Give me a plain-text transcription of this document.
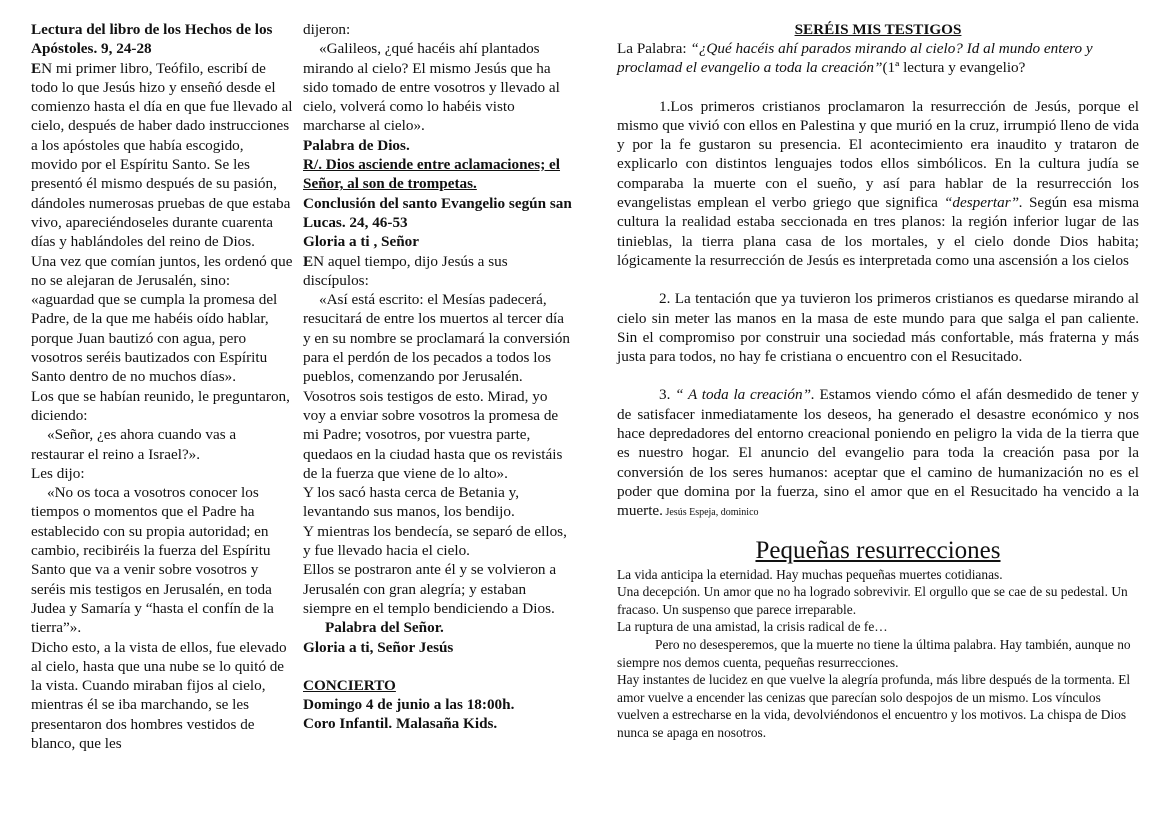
Lectura del libro de los Hechos de los Apóstoles. 9, 24-28

EN mi primer libro, Teófilo, escribí de todo lo que Jesús hizo y enseñó desde el comienzo hasta el día en que fue llevado al cielo, después de haber dado instrucciones a los apóstoles que había escogido, movido por el Espíritu Santo. Se les presentó él mismo después de su pasión, dándoles numerosas pruebas de que estaba vivo, apareciéndoseles durante cuarenta días y hablándoles del reino de Dios.

Una vez que comían juntos, les ordenó que no se alejaran de Jerusalén, sino: «aguardad que se cumpla la promesa del Padre, de la que me habéis oído hablar, porque Juan bautizó con agua, pero vosotros seréis bautizados con Espíritu Santo dentro de no muchos días».

Los que se habían reunido, le preguntaron, diciendo:

«Señor, ¿es ahora cuando vas a restaurar el reino a Israel?».

Les dijo:

«No os toca a vosotros conocer los tiempos o momentos que el Padre ha establecido con su propia autoridad; en cambio, recibiréis la fuerza del Espíritu Santo que va a venir sobre vosotros y seréis mis testigos en Jerusalén, en toda Judea y Samaría y “hasta el confín de la tierra”».

Dicho esto, a la vista de ellos, fue elevado al cielo, hasta que una nube se lo quitó de la vista. Cuando miraban fijos al cielo, mientras él se iba marchando, se les presentaron dos hombres vestidos de blanco, que les

dijeron:

«Galileos, ¿qué hacéis ahí plantados mirando al cielo? El mismo Jesús que ha sido tomado de entre vosotros y llevado al cielo, volverá como lo habéis visto marcharse al cielo».

Palabra de Dios.

R/. Dios asciende entre aclamaciones; el Señor, al son de trompetas.

Conclusión del santo Evangelio según san Lucas. 24, 46-53

Gloria a ti , Señor

EN aquel tiempo, dijo Jesús a sus discípulos:

«Así está escrito: el Mesías padecerá, resucitará de entre los muertos al tercer día y en su nombre se proclamará la conversión para el perdón de los pecados a todos los pueblos, comenzando por Jerusalén.

Vosotros sois testigos de esto. Mirad, yo voy a enviar sobre vosotros la promesa de mi Padre; vosotros, por vuestra parte, quedaos en la ciudad hasta que os revistáis de la fuerza que viene de lo alto».

Y los sacó hasta cerca de Betania y, levantando sus manos, los bendijo.

Y mientras los bendecía, se separó de ellos, y fue llevado hacia el cielo.

Ellos se postraron ante él y se volvieron a Jerusalén con gran alegría; y estaban siempre en el templo bendiciendo a Dios.Palabra del Señor.

Gloria a ti, Señor Jesús

CONCIERTO

Domingo 4 de junio a las 18:00h.

Coro Infantil. Malasaña Kids.

SERÉIS MIS TESTIGOS

La Palabra: “¿Qué hacéis ahí parados mirando al cielo? Id al mundo entero y proclamad el evangelio a toda la creación”(1ª lectura y evangelio?

1.Los primeros cristianos proclamaron la resurrección de Jesús, porque el mismo que vivió con ellos en Palestina y que murió en la cruz, irrumpió lleno de vida y por la fe gustaron su presencia. El acontecimiento era inaudito y trataron de explicarlo con distintos lenguajes todos ellos simbólicos. En la cultura judía se comparaba la muerte con el sueño, y así para hablar de la resurrección los evangelistas emplean el verbo griego que significa “despertar”. Según esa misma cultura la realidad estaba seccionada en tres planos: la región inferior lugar de las tinieblas, la tierra plana casa de los mortales, y el cielo donde Dios habita; lógicamente la resurrección de Jesús es interpretada como una ascensión a los cielos

2. La tentación que ya tuvieron los primeros cristianos es quedarse mirando al cielo sin meter las manos en la masa de este mundo para que salga el pan caliente. Sin el compromiso por construir una sociedad más confortable, más fraterna y más justa para todos, no hay fe cristiana o encuentro con el Resucitado.

3. “ A toda la creación”. Estamos viendo cómo el afán desmedido de tener y de satisfacer inmediatamente los deseos, ha generado el desastre económico y nos hace depredadores del entorno creacional poniendo en peligro la vida de la tierra que es nuestro hogar. El anuncio del evangelio para toda la creación pasa por la conversión de los seres humanos: aceptar que el camino de humanización no es el poder que domina por la fuerza, sino el amor que en el Resucitado ha vencido a la muerte. Jesús Espeja, dominico

Pequeñas resurrecciones

La vida anticipa la eternidad. Hay muchas pequeñas muertes cotidianas.

Una decepción. Un amor que no ha logrado sobrevivir. El orgullo que se cae de su pedestal. Un fracaso. Un suspenso que parece irreparable.

La ruptura de una amistad, la crisis radical de fe…

Pero no desesperemos, que la muerte no tiene la última palabra. Hay también, aunque no siempre nos demos cuenta, pequeñas resurrecciones.

Hay instantes de lucidez en que vuelve la alegría profunda, más libre después de la tormenta. El amor vuelve a encender las cenizas que parecían solo despojos de un mismo. Los vínculos vuelven a estrecharse en la vida, devolviéndonos el encuentro y los motivos. La chispa de Dios nunca se apaga en nosotros.
